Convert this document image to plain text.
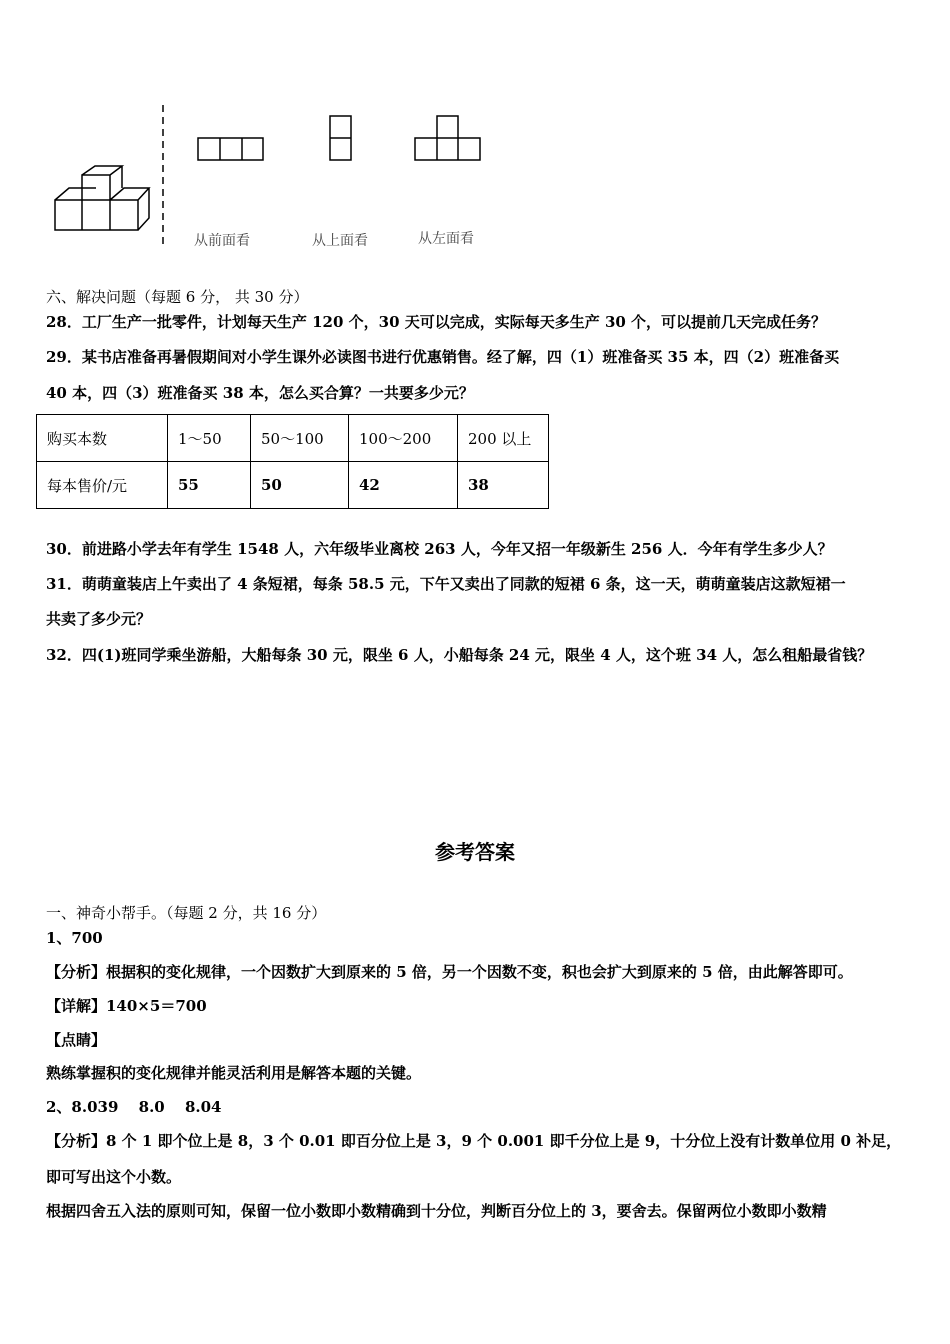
从前面看	从上面看	从左面看
六、解决问题（每题 6 分， 共 30 分）
28．工厂生产一批零件，计划每天生产 120 个，30 天可以完成，实际每天多生产 30 个，可以提前几天完成任务？
29．某书店准备再暑假期间对小学生课外必读图书进行优惠销售。经了解，四（1）班准备买 35 本，四（2）班准备买
40 本，四（3）班准备买 38 本，怎么买合算？一共要多少元？
购买本数	1～50	50～100	100～200	200 以上
每本售价/元	55	50	42	38
30．前进路小学去年有学生 1548 人，六年级毕业离校 263 人，今年又招一年级新生 256 人．今年有学生多少人？
31．萌萌童装店上午卖出了 4 条短裙，每条 58.5 元，下午又卖出了同款的短裙 6 条，这一天，萌萌童装店这款短裙一
共卖了多少元？
32．四(1)班同学乘坐游船，大船每条 30 元，限坐 6 人，小船每条 24 元，限坐 4 人，这个班 34 人，怎么租船最省钱？
参考答案
一、神奇小帮手。（每题 2 分，共 16 分）
1、700
【分析】根据积的变化规律，一个因数扩大到原来的 5 倍，另一个因数不变，积也会扩大到原来的 5 倍，由此解答即可。
【详解】140×5＝700
【点睛】
熟练掌握积的变化规律并能灵活利用是解答本题的关键。
2、8.039　 8.0　 8.04
【分析】8 个 1 即个位上是 8，3 个 0.01 即百分位上是 3，9 个 0.001 即千分位上是 9，十分位上没有计数单位用 0 补足，
即可写出这个小数。
根据四舍五入法的原则可知，保留一位小数即小数精确到十分位，判断百分位上的 3，要舍去。保留两位小数即小数精
